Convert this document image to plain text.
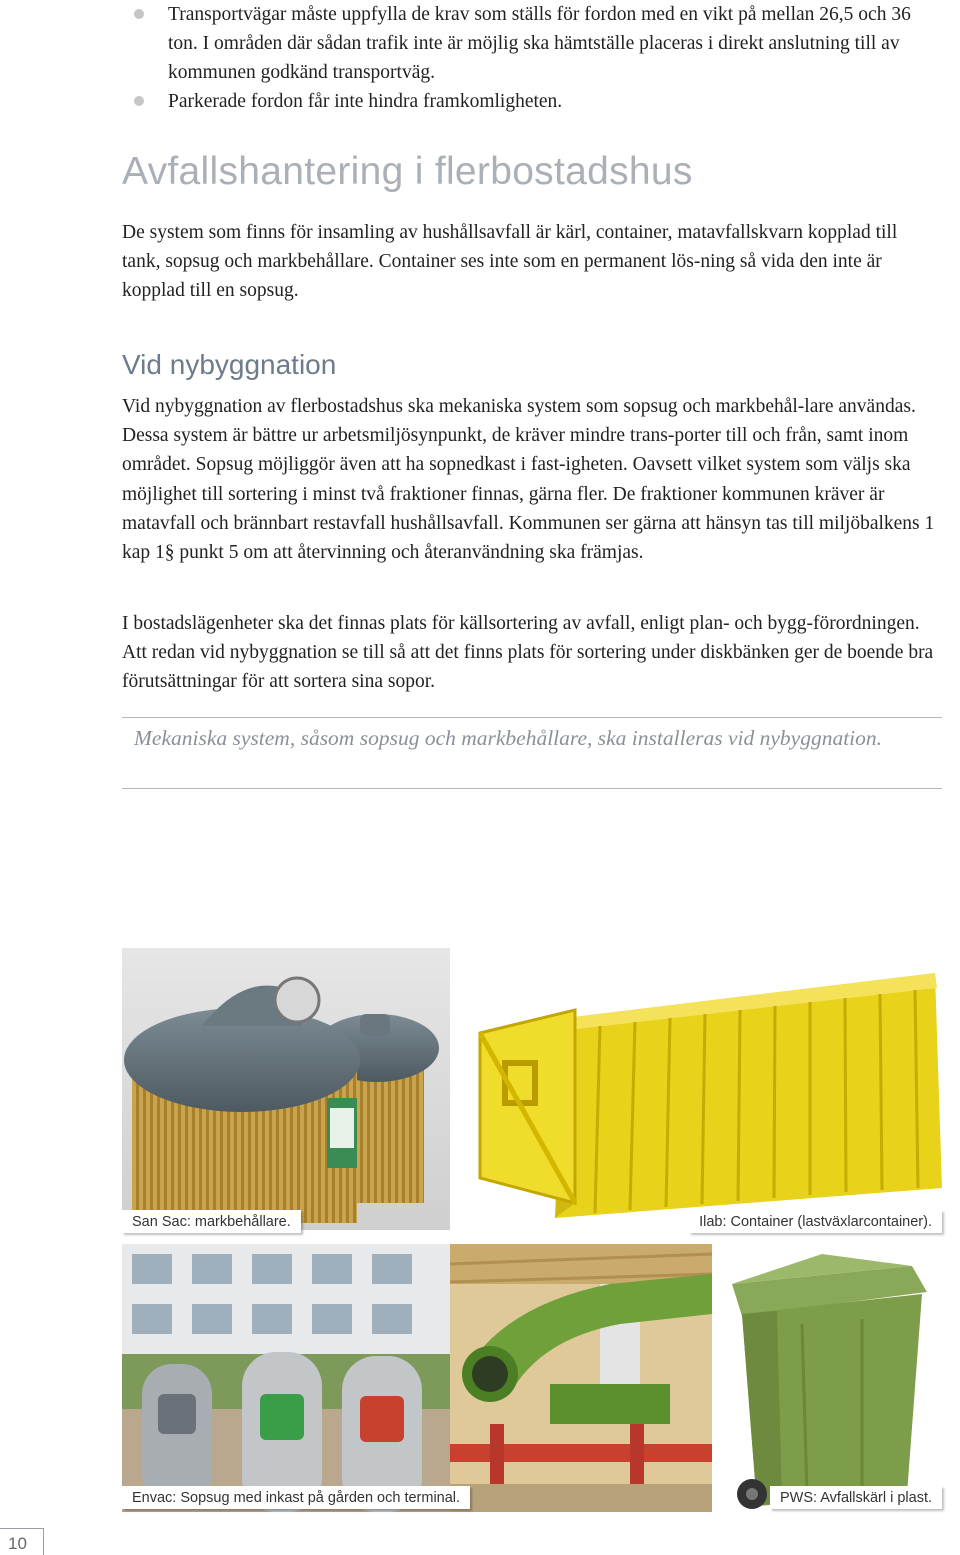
Transportvägar måste uppfylla de krav som ställs för fordon med en vikt på mellan 26,5 och 36 ton. I områden där sådan trafik inte är möjlig ska hämtställe placeras i direkt anslutning till av kommunen godkänd transportväg.
Parkerade fordon får inte hindra framkomligheten.
Avfallshantering i flerbostadshus

De system som finns för insamling av hushållsavfall är kärl, container, matavfallskvarn kopplad till tank, sopsug och markbehållare. Container ses inte som en permanent lös-ning så vida den inte är kopplad till en sopsug.

Vid nybyggnation

Vid nybyggnation av flerbostadshus ska mekaniska system som sopsug och markbehål-lare användas. Dessa system är bättre ur arbetsmiljösynpunkt, de kräver mindre trans-porter till och från, samt inom området. Sopsug möjliggör även att ha sopnedkast i fast-igheten. Oavsett vilket system som väljs ska möjlighet till sortering i minst två fraktioner finnas, gärna fler. De fraktioner kommunen kräver är matavfall och brännbart restavfall hushållsavfall. Kommunen ser gärna att hänsyn tas till miljöbalkens 1 kap 1§ punkt 5 om att återvinning och återanvändning ska främjas.

I bostadslägenheter ska det finnas plats för källsortering av avfall, enligt plan- och bygg-förordningen. Att redan vid nybyggnation se till så att det finns plats för sortering under diskbänken ger de boende bra förutsättningar för att sortera sina sopor.

Mekaniska system, såsom sopsug och markbehållare, ska installeras vid nybyggnation.
San Sac: markbehållare.	Ilab: Container (lastväxlarcontainer).
Envac: Sopsug med inkast på gården och terminal.	PWS: Avfallskärl i plast.
10
